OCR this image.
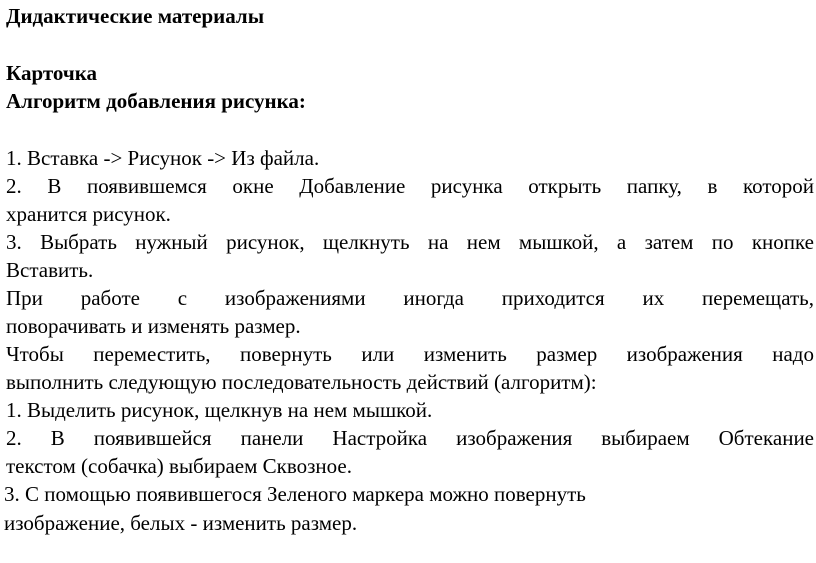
Дидактические материалы
Карточка
Алгоритм добавления рисунка:
1. Вставка -> Рисунок -> Из файла.
2. В появившемся окне Добавление рисунка открыть папку, в которой
хранится рисунок.
3. Выбрать нужный рисунок, щелкнуть на нем мышкой, а затем по кнопке
Вставить.
При работе с изображениями иногда приходится их перемещать,
поворачивать и изменять размер.
Чтобы переместить, повернуть или изменить размер изображения надо
выполнить следующую последовательность действий (алгоритм):
1. Выделить рисунок, щелкнув на нем мышкой.
2. В появившейся панели Настройка изображения выбираем Обтекание
текстом (собачка) выбираем Сквозное.
3. С помощью появившегося Зеленого маркера можно повернуть
изображение, белых - изменить размер.
